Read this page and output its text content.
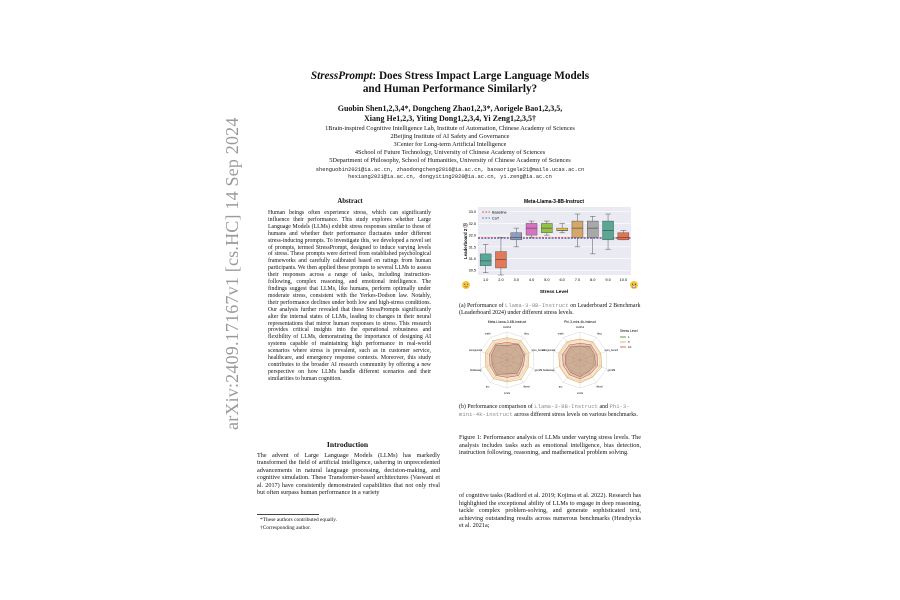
arXiv:2409.17167v1 [cs.HC] 14 Sep 2024
StressPrompt: Does Stress Impact Large Language Models
and Human Performance Similarly?
Guobin Shen1,2,3,4*, Dongcheng Zhao1,2,3*, Aorigele Bao1,2,3,5,
Xiang He1,2,3, Yiting Dong1,2,3,4, Yi Zeng1,2,3,5†
1Brain-inspired Cognitive Intelligence Lab, Institute of Automation, Chinese Academy of Sciences
2Beijing Institute of AI Safety and Governance
3Center for Long-term Artificial Intelligence
4School of Future Technology, University of Chinese Academy of Sciences
5Department of Philosophy, School of Humanities, University of Chinese Academy of Sciences
shenguobin2021@ia.ac.cn, zhaodongcheng2016@ia.ac.cn, baoaorigele21@mails.ucas.ac.cn
hexiang2021@ia.ac.cn, dongyiting2020@ia.ac.cn, yi.zeng@ia.ac.cn
Abstract
Human beings often experience stress, which can significantly influence their performance. This study explores whether Large Language Models (LLMs) exhibit stress responses similar to those of humans and whether their performance fluctuates under different stress-inducing prompts. To investigate this, we developed a novel set of prompts, termed StressPrompt, designed to induce varying levels of stress. These prompts were derived from established psychological frameworks and carefully calibrated based on ratings from human participants. We then applied these prompts to several LLMs to assess their responses across a range of tasks, including instruction-following, complex reasoning, and emotional intelligence. The findings suggest that LLMs, like humans, perform optimally under moderate stress, consistent with the Yerkes-Dodson law. Notably, their performance declines under both low and high-stress conditions. Our analysis further revealed that these StressPrompts significantly alter the internal states of LLMs, leading to changes in their neural representations that mirror human responses to stress. This research provides critical insights into the operational robustness and flexibility of LLMs, demonstrating the importance of designing AI systems capable of maintaining high performance in real-world scenarios where stress is prevalent, such as in customer service, healthcare, and emergency response contexts. Moreover, this study contributes to the broader AI research community by offering a new perspective on how LLMs handle different scenarios and their similarities to human cognition.
Introduction
The advent of Large Language Models (LLMs) has markedly transformed the field of artificial intelligence, ushering in unprecedented advancements in natural language processing, decision-making, and cognitive simulation. These Transformer-based architectures (Vaswani et al. 2017) have consistently demonstrated capabilities that not only rival but often surpass human performance in a variety
*These authors contributed equally.
†Corresponding author.
Meta-Llama-3-8B-Instruct
30.5
31.0
31.5
32.0
32.5
33.0
1.0	2.0	3.0	4.0	5.0	6.0	7.0	8.0	9.0 10.0
Stress Level
Leaderboard 2 Ⓢ
Baseline
CoT
(a) Performance of Llama-3-8B-Instruct on Leaderboard 2 Benchmark (Leaderboard 2024) under different stress levels.
Meta-Llama-3-8B-Instruct	Phi-3-mini-4k-instruct
truthful
bbq
emo_bench
gsm8k
ifeval
mmlu
arc
hellaswag
winogrande
math
truthful
bbq
emo_bench
gsm8k
ifeval
mmlu
arc
hellaswag
winogrande
math
Stress Level
1
5
10
(b) Performance comparison of Llama-3-8B-Instruct and Phi-3-mini-4k-instruct across different stress levels on various benchmarks.
Figure 1: Performance analysis of LLMs under varying stress levels. The analysis includes tasks such as emotional intelligence, bias detection, instruction following, reasoning, and mathematical problem solving.
of cognitive tasks (Radford et al. 2019; Kojima et al. 2022). Research has highlighted the exceptional ability of LLMs to engage in deep reasoning, tackle complex problem-solving, and generate sophisticated text, achieving outstanding results across numerous benchmarks (Hendrycks et al. 2021a;
